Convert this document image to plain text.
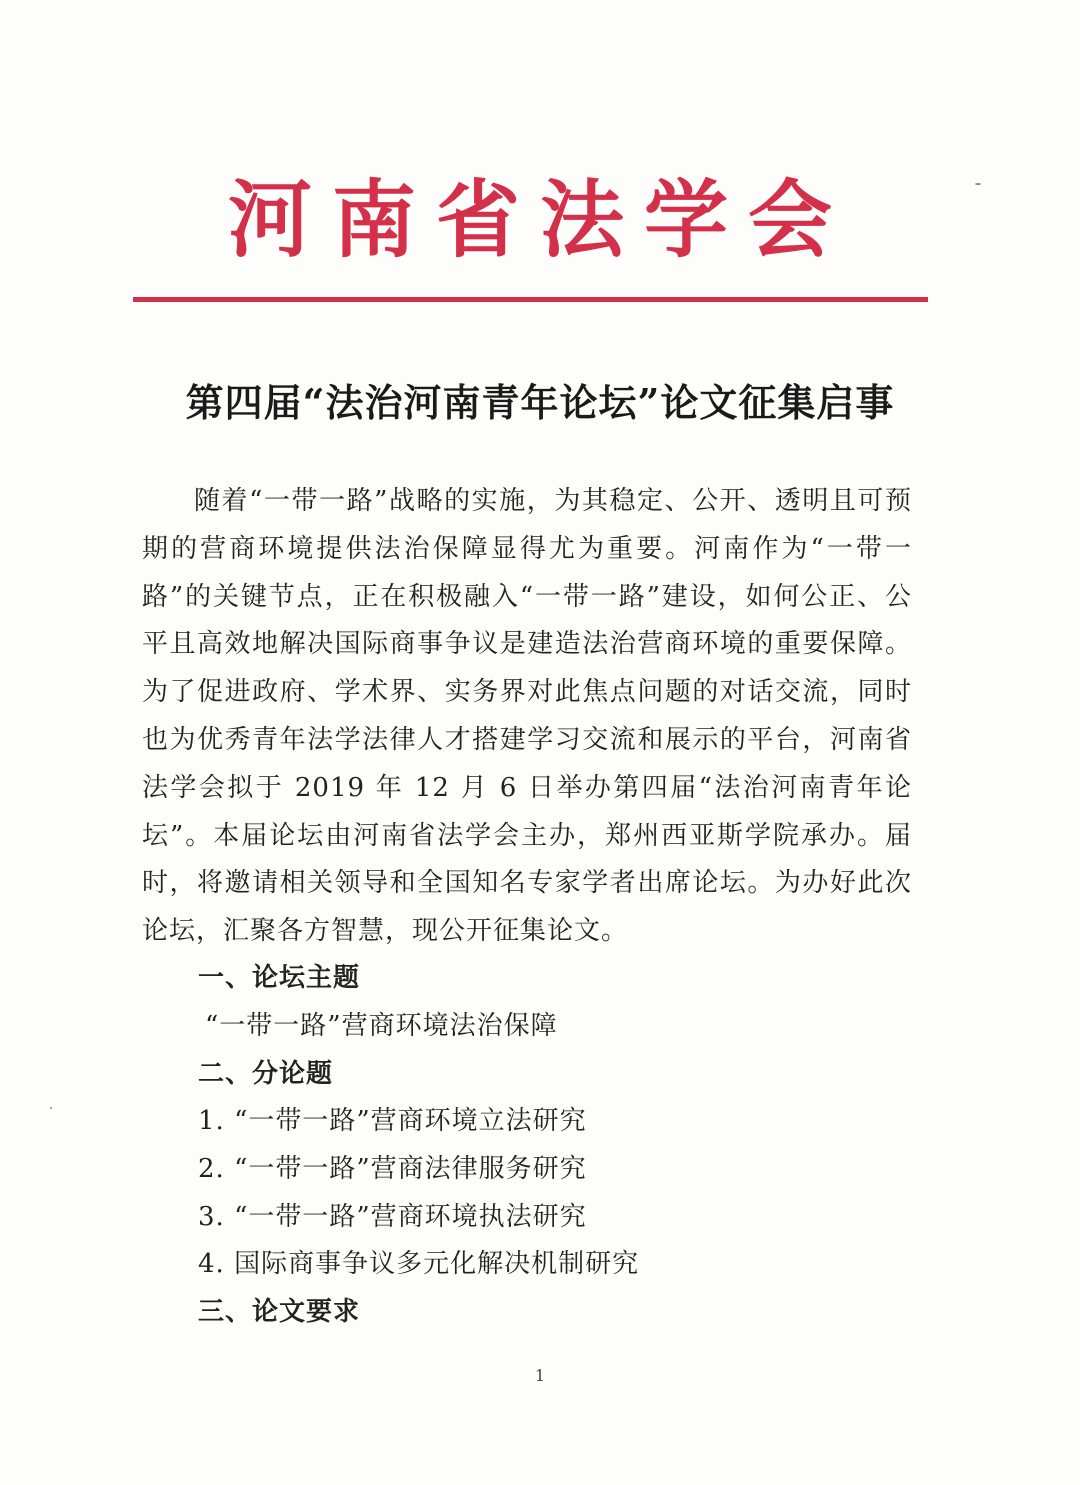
河南省法学会
第四届“法治河南青年论坛”论文征集启事

随着“一带一路”战略的实施，为其稳定、公开、透明且可预期的营商环境提供法治保障显得尤为重要。河南作为“一带一路”的关键节点，正在积极融入“一带一路”建设，如何公正、公平且高效地解决国际商事争议是建造法治营商环境的重要保障。为了促进政府、学术界、实务界对此焦点问题的对话交流，同时也为优秀青年法学法律人才搭建学习交流和展示的平台，河南省法学会拟于 2019 年 12 月 6 日举办第四届“法治河南青年论坛”。本届论坛由河南省法学会主办，郑州西亚斯学院承办。届时，将邀请相关领导和全国知名专家学者出席论坛。为办好此次论坛，汇聚各方智慧，现公开征集论文。

一、论坛主题
“一带一路”营商环境法治保障
二、分论题
1. “一带一路”营商环境立法研究
2. “一带一路”营商法律服务研究
3. “一带一路”营商环境执法研究
4. 国际商事争议多元化解决机制研究
三、论文要求
1
